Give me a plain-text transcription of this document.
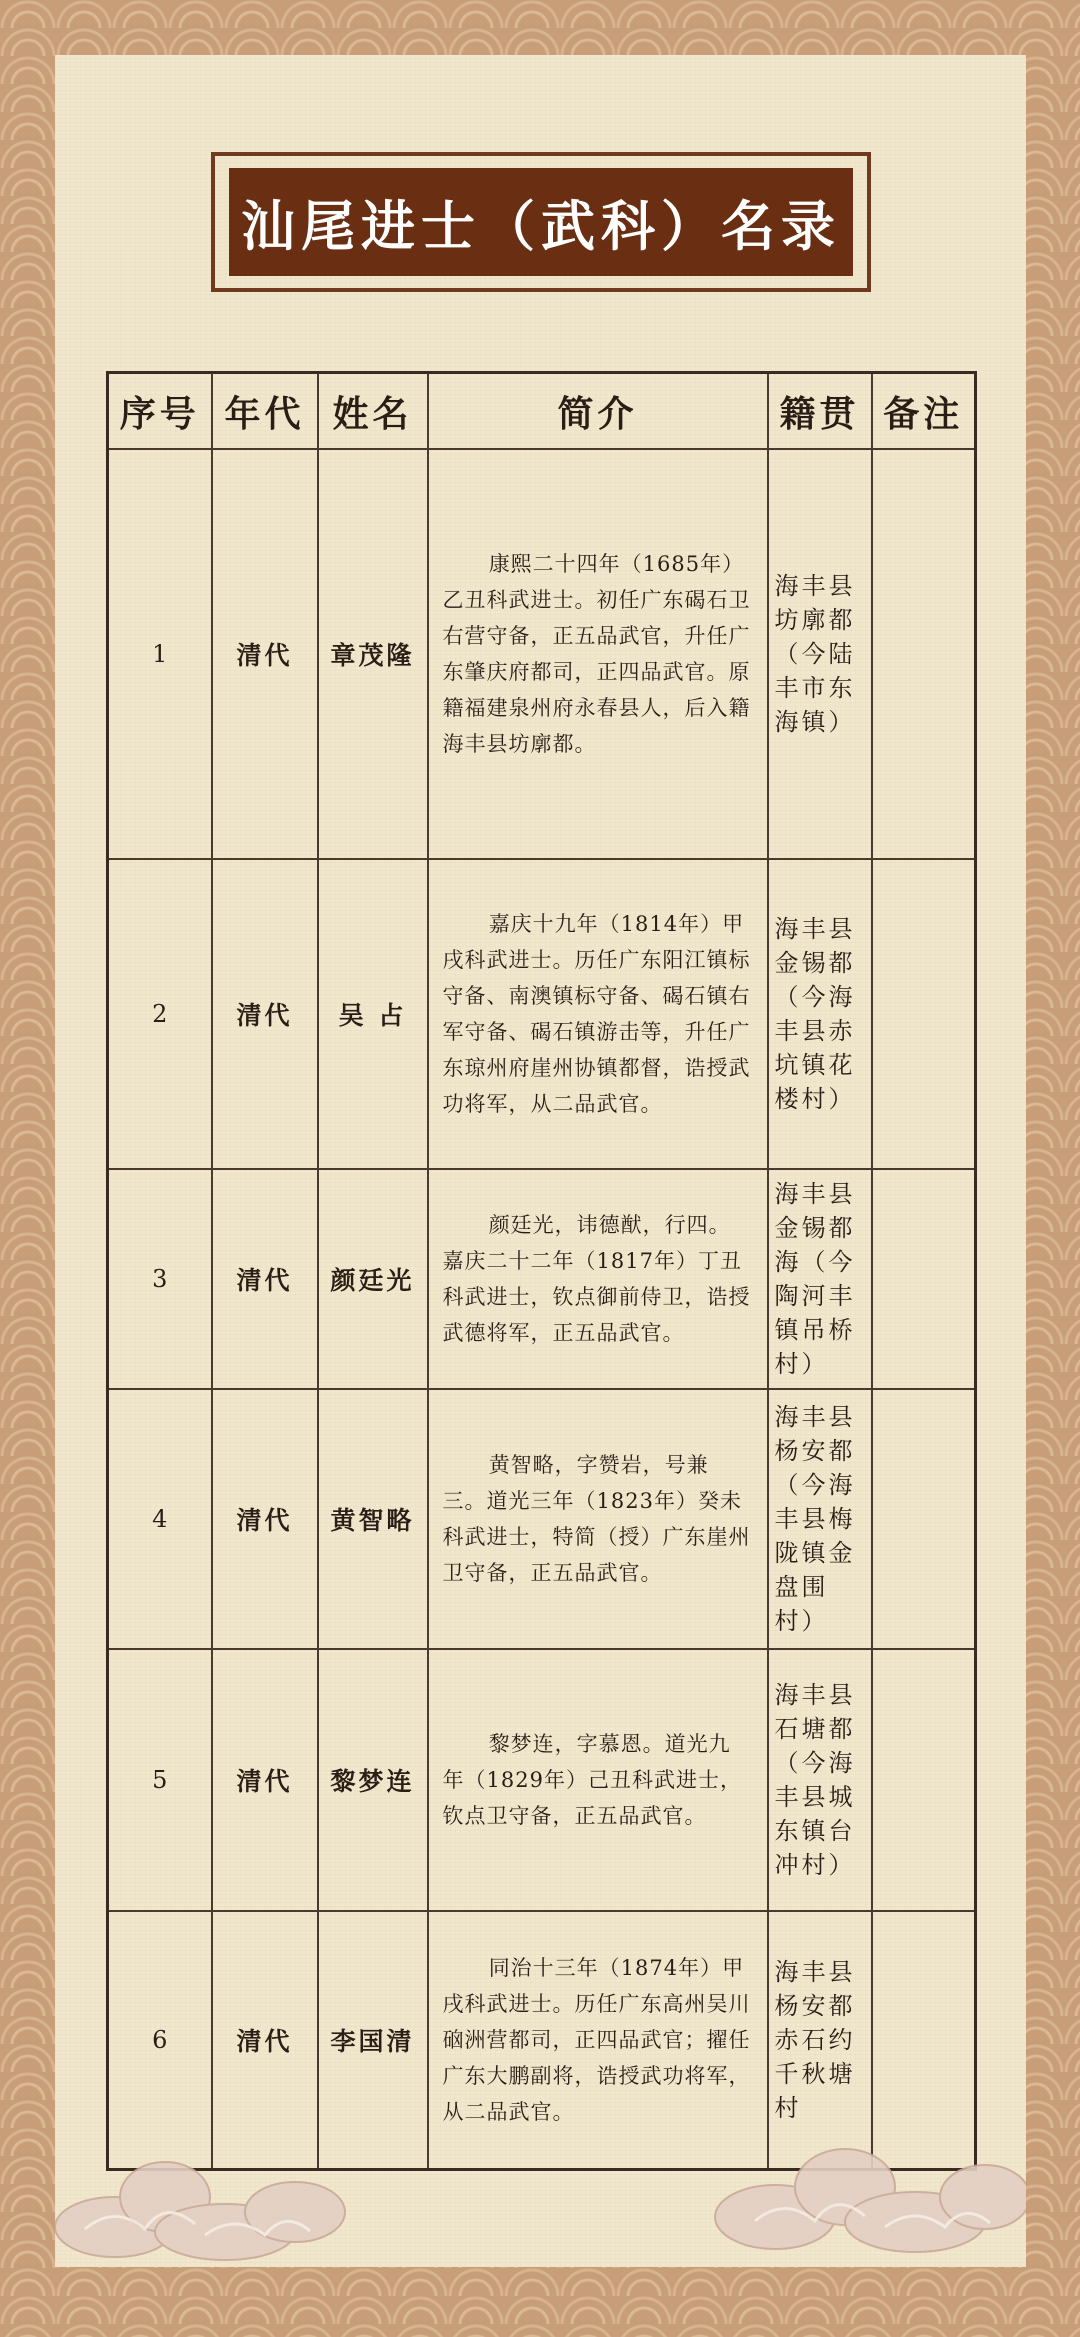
汕尾进士（武科）名录
序号	年代	姓名	简介	籍贯	备注
1	清代	章茂隆	康熙二十四年（1685年）乙丑科武进士。初任广东碣石卫右营守备，正五品武官，升任广东肇庆府都司，正四品武官。原籍福建泉州府永春县人，后入籍海丰县坊廓都。	海丰县坊廓都（今陆丰市东海镇）	
2	清代	吴 占	嘉庆十九年（1814年）甲戌科武进士。历任广东阳江镇标守备、南澳镇标守备、碣石镇右军守备、碣石镇游击等，升任广东琼州府崖州协镇都督，诰授武功将军，从二品武官。	海丰县金锡都（今海丰县赤坑镇花楼村）	
3	清代	颜廷光	颜廷光，讳德猷，行四。嘉庆二十二年（1817年）丁丑科武进士，钦点御前侍卫，诰授武德将军，正五品武官。	海丰县金锡都海（今陶河丰镇吊桥村）	
4	清代	黄智略	黄智略，字赞岩，号兼三。道光三年（1823年）癸未科武进士，特简（授）广东崖州卫守备，正五品武官。	海丰县杨安都（今海丰县梅陇镇金盘围村）	
5	清代	黎梦连	黎梦连，字慕恩。道光九年（1829年）己丑科武进士，钦点卫守备，正五品武官。	海丰县石塘都（今海丰县城东镇台冲村）	
6	清代	李国清	同治十三年（1874年）甲戌科武进士。历任广东高州吴川硇洲营都司，正四品武官；擢任广东大鹏副将，诰授武功将军，从二品武官。	海丰县杨安都赤石约千秋塘村	
